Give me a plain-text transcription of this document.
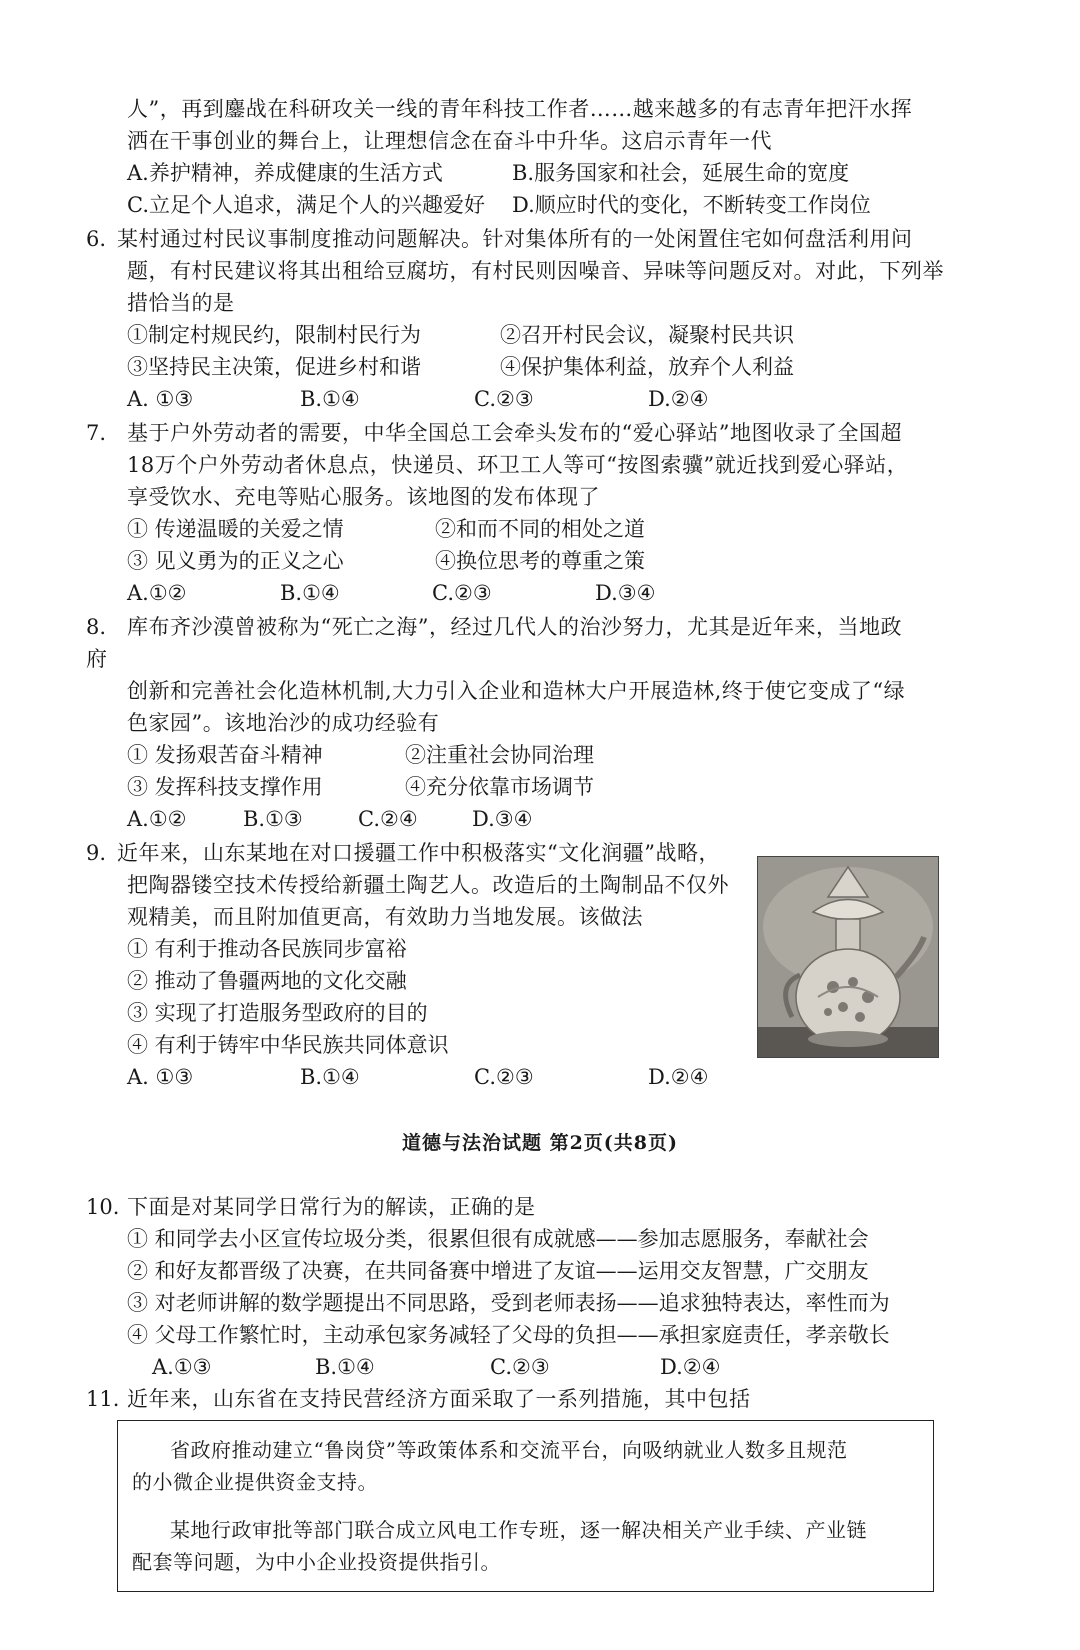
人”，再到鏖战在科研攻关一线的青年科技工作者……越来越多的有志青年把汗水挥
洒在干事创业的舞台上，让理想信念在奋斗中升华。这启示青年一代
A.养护精神，养成健康的生活方式	B.服务国家和社会，延展生命的宽度
C.立足个人追求，满足个人的兴趣爱好 D.顺应时代的变化，不断转变工作岗位
6. 某村通过村民议事制度推动问题解决。针对集体所有的一处闲置住宅如何盘活利用问
题，有村民建议将其出租给豆腐坊，有村民则因噪音、异味等问题反对。对此，下列举
措恰当的是
①制定村规民约，限制村民行为	②召开村民会议，凝聚村民共识
③坚持民主决策，促进乡村和谐	④保护集体利益，放弃个人利益
A. ①③	B.①④	C.②③	D.②④
7. 基于户外劳动者的需要，中华全国总工会牵头发布的“爱心驿站”地图收录了全国超
18万个户外劳动者休息点，快递员、环卫工人等可“按图索骥”就近找到爱心驿站，
享受饮水、充电等贴心服务。该地图的发布体现了
① 传递温暖的关爱之情	②和而不同的相处之道
③ 见义勇为的正义之心	④换位思考的尊重之策
A.①②	B.①④	C.②③	D.③④
8. 库布齐沙漠曾被称为“死亡之海”，经过几代人的治沙努力，尤其是近年来，当地政
府
创新和完善社会化造林机制,大力引入企业和造林大户开展造林,终于使它变成了“绿
色家园”。该地治沙的成功经验有
① 发扬艰苦奋斗精神	②注重社会协同治理
③ 发挥科技支撑作用	④充分依靠市场调节
A.①②	B.①③	C.②④	D.③④
9. 近年来，山东某地在对口援疆工作中积极落实“文化润疆”战略，
把陶器镂空技术传授给新疆土陶艺人。改造后的土陶制品不仅外
观精美，而且附加值更高，有效助力当地发展。该做法
① 有利于推动各民族同步富裕
② 推动了鲁疆两地的文化交融
③ 实现了打造服务型政府的目的
④ 有利于铸牢中华民族共同体意识
A. ①③	B.①④	C.②③	D.②④
道德与法治试题 第2页(共8页)
10. 下面是对某同学日常行为的解读，正确的是
① 和同学去小区宣传垃圾分类，很累但很有成就感——参加志愿服务，奉献社会
② 和好友都晋级了决赛，在共同备赛中增进了友谊——运用交友智慧，广交朋友
③ 对老师讲解的数学题提出不同思路，受到老师表扬——追求独特表达，率性而为
④ 父母工作繁忙时，主动承包家务减轻了父母的负担——承担家庭责任，孝亲敬长
A.①③	B.①④	C.②③	D.②④
11. 近年来，山东省在支持民营经济方面采取了一系列措施，其中包括
省政府推动建立“鲁岗贷”等政策体系和交流平台，向吸纳就业人数多且规范
的小微企业提供资金支持。
某地行政审批等部门联合成立风电工作专班，逐一解决相关产业手续、产业链
配套等问题，为中小企业投资提供指引。
